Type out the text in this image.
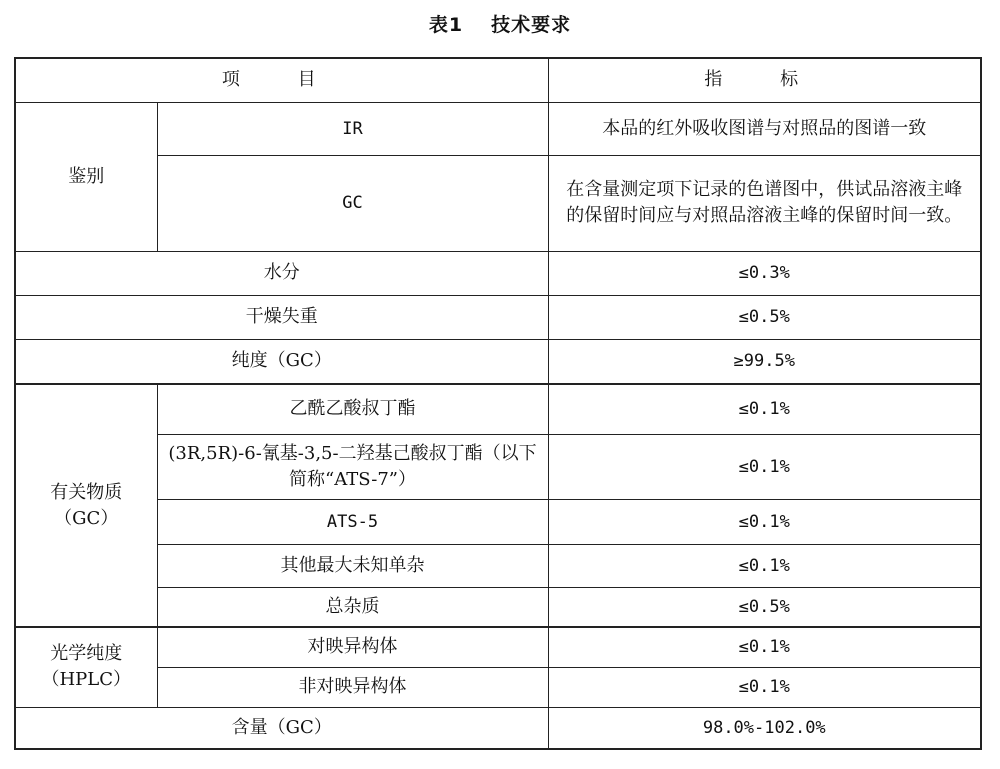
表1 技术要求
项 目		指 标
鉴别	IR	本品的红外吸收图谱与对照品的图谱一致
	GC	在含量测定项下记录的色谱图中，供试品溶液主峰的保留时间应与对照品溶液主峰的保留时间一致。
水分		≤0.3%
干燥失重		≤0.5%
纯度（GC）		≥99.5%

有关物质
（GC）	乙酰乙酸叔丁酯	≤0.1%
	(3R,5R)-6-氰基-3,5-二羟基己酸叔丁酯（以下简称“ATS-7”）	≤0.1%
	ATS-5	≤0.1%
	其他最大未知单杂	≤0.1%
	总杂质	≤0.5%

光学纯度
（HPLC）	对映异构体	≤0.1%
	非对映异构体	≤0.1%
含量（GC）		98.0%-102.0%
